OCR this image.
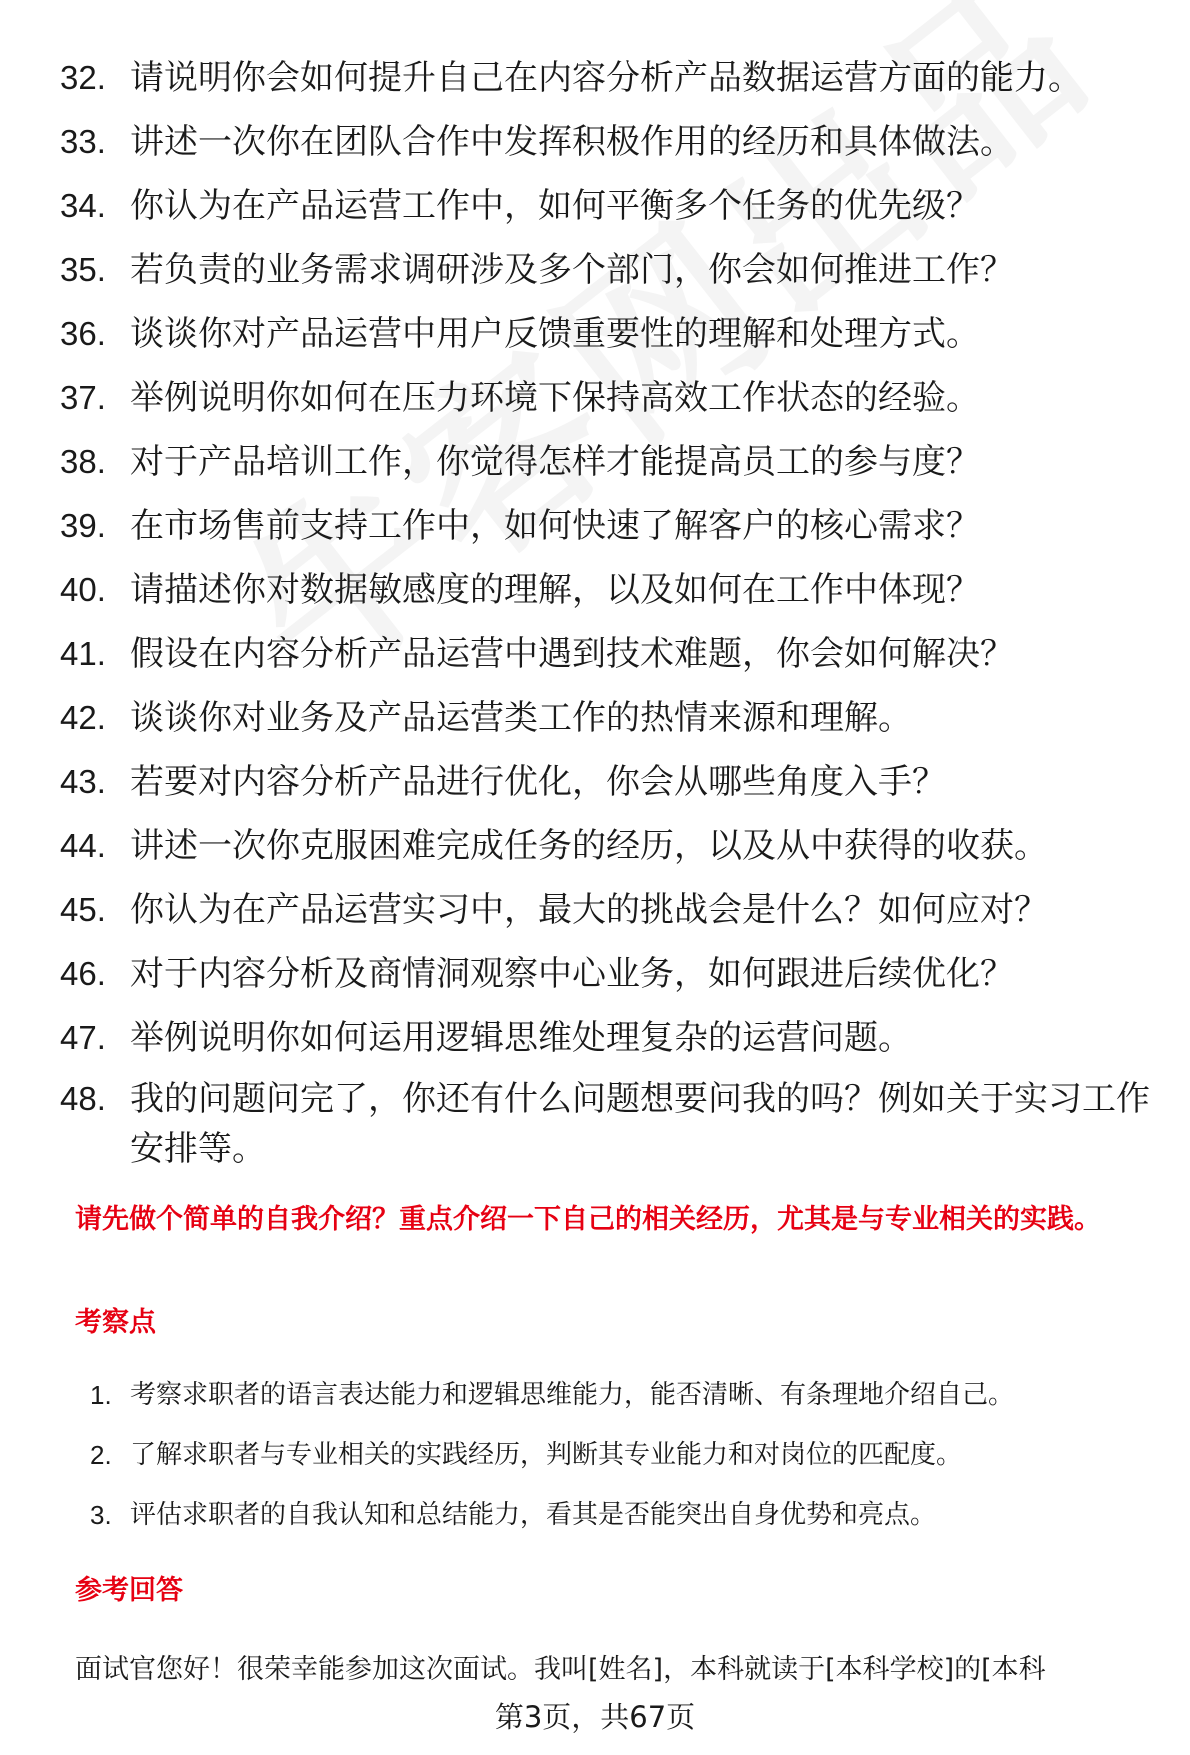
32. 请说明你会如何提升自己在内容分析产品数据运营方面的能力。
33. 讲述一次你在团队合作中发挥积极作用的经历和具体做法。
34. 你认为在产品运营工作中，如何平衡多个任务的优先级？
35. 若负责的业务需求调研涉及多个部门，你会如何推进工作？
36. 谈谈你对产品运营中用户反馈重要性的理解和处理方式。
37. 举例说明你如何在压力环境下保持高效工作状态的经验。
38. 对于产品培训工作，你觉得怎样才能提高员工的参与度？
39. 在市场售前支持工作中，如何快速了解客户的核心需求？
40. 请描述你对数据敏感度的理解，以及如何在工作中体现？
41. 假设在内容分析产品运营中遇到技术难题，你会如何解决？
42. 谈谈你对业务及产品运营类工作的热情来源和理解。
43. 若要对内容分析产品进行优化，你会从哪些角度入手？
44. 讲述一次你克服困难完成任务的经历，以及从中获得的收获。
45. 你认为在产品运营实习中，最大的挑战会是什么？如何应对？
46. 对于内容分析及商情洞观察中心业务，如何跟进后续优化？
47. 举例说明你如何运用逻辑思维处理复杂的运营问题。
48. 我的问题问完了，你还有什么问题想要问我的吗？例如关于实习工作安排等。

请先做个简单的自我介绍？重点介绍一下自己的相关经历，尤其是与专业相关的实践。

考察点

1. 考察求职者的语言表达能力和逻辑思维能力，能否清晰、有条理地介绍自己。
2. 了解求职者与专业相关的实践经历，判断其专业能力和对岗位的匹配度。
3. 评估求职者的自我认知和总结能力，看其是否能突出自身优势和亮点。

参考回答

面试官您好！很荣幸能参加这次面试。我叫[姓名]，本科就读于[本科学校]的[本科

第3页，共67页
